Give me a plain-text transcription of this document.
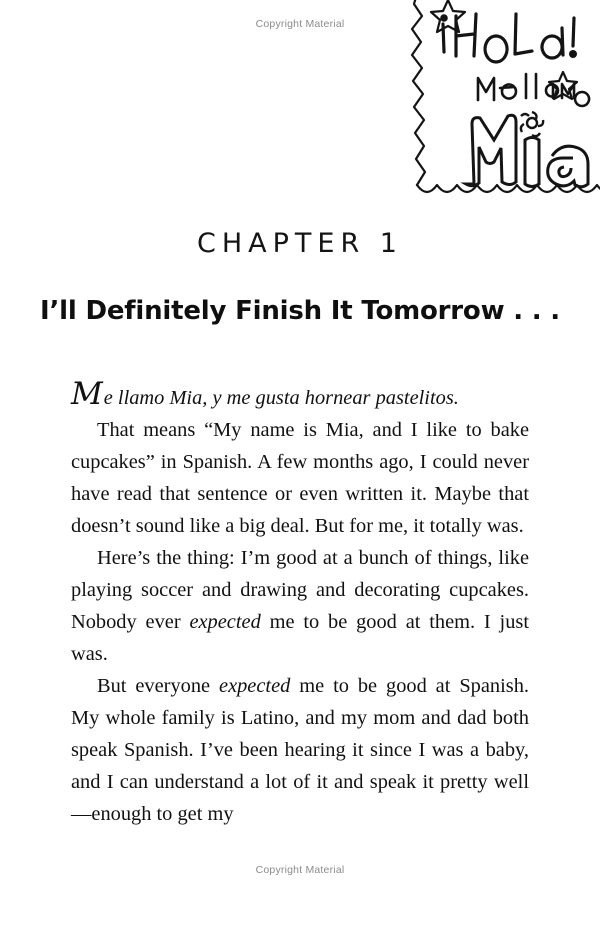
Copyright Material
CHAPTER 1
I’ll Definitely Finish It Tomorrow . . .

Me llamo Mia, y me gusta hornear pastelitos.

That means “My name is Mia, and I like to bake cupcakes” in Spanish. A few months ago, I could never have read that sentence or even written it. Maybe that doesn’t sound like a big deal. But for me, it totally was.

Here’s the thing: I’m good at a bunch of things, like playing soccer and drawing and decorating cupcakes. Nobody ever expected me to be good at them. I just was.

But everyone expected me to be good at Spanish. My whole family is Latino, and my mom and dad both speak Spanish. I’ve been hearing it since I was a baby, and I can understand a lot of it and speak it pretty well—enough to get my

Copyright Material
